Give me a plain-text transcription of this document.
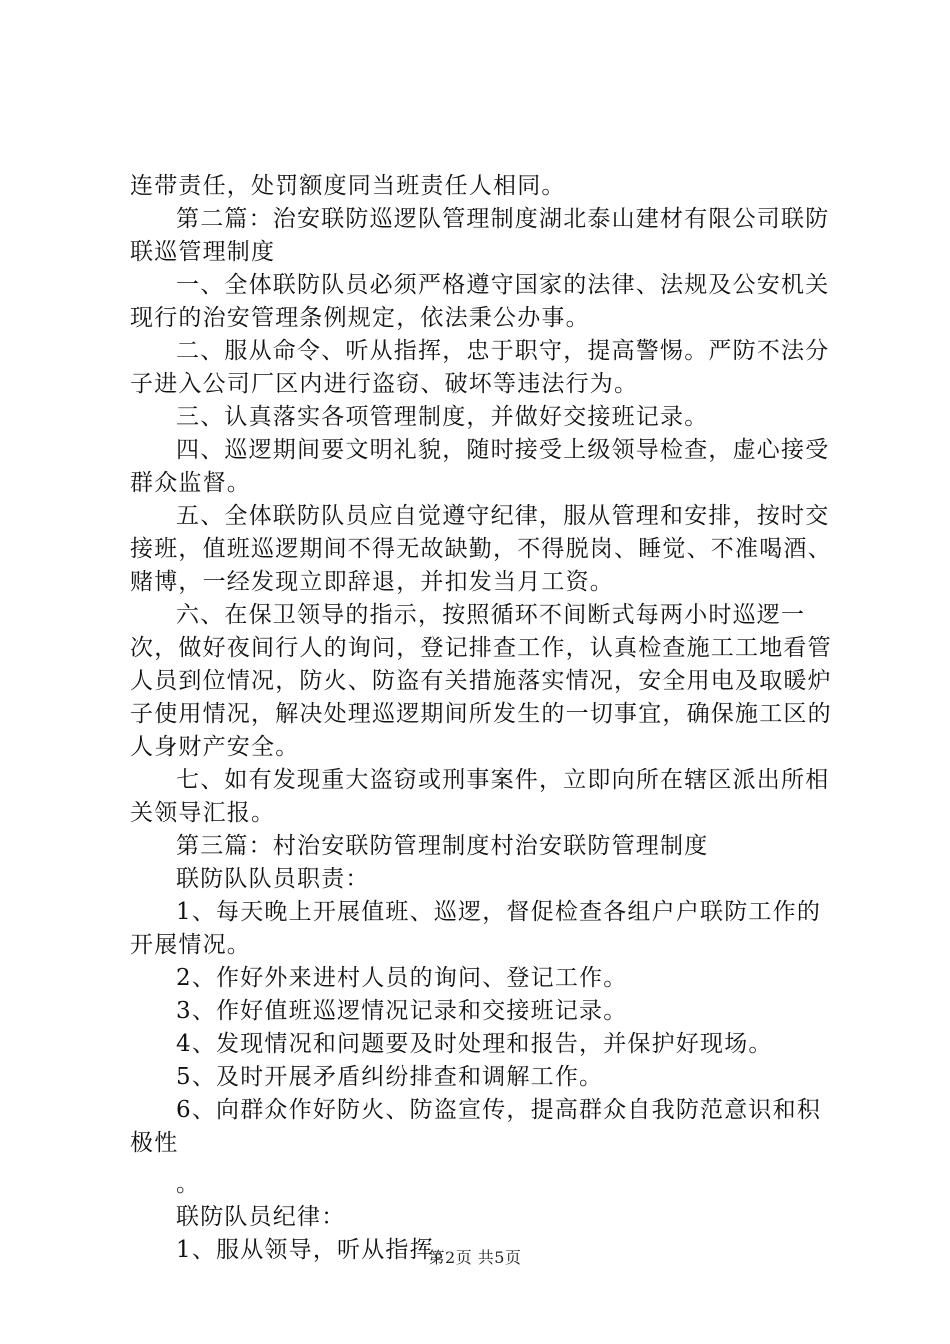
连带责任，处罚额度同当班责任人相同。

第二篇：治安联防巡逻队管理制度湖北泰山建材有限公司联防联巡管理制度

一、全体联防队员必须严格遵守国家的法律、法规及公安机关现行的治安管理条例规定，依法秉公办事。

二、服从命令、听从指挥，忠于职守，提高警惕。严防不法分子进入公司厂区内进行盗窃、破坏等违法行为。

三、认真落实各项管理制度，并做好交接班记录。

四、巡逻期间要文明礼貌，随时接受上级领导检查，虚心接受群众监督。

五、全体联防队员应自觉遵守纪律，服从管理和安排，按时交接班，值班巡逻期间不得无故缺勤，不得脱岗、睡觉、不准喝酒、赌博，一经发现立即辞退，并扣发当月工资。

六、在保卫领导的指示，按照循环不间断式每两小时巡逻一次，做好夜间行人的询问，登记排查工作，认真检查施工工地看管人员到位情况，防火、防盗有关措施落实情况，安全用电及取暖炉子使用情况，解决处理巡逻期间所发生的一切事宜，确保施工区的人身财产安全。

七、如有发现重大盗窃或刑事案件，立即向所在辖区派出所相关领导汇报。

第三篇：村治安联防管理制度村治安联防管理制度

联防队队员职责：

1、每天晚上开展值班、巡逻，督促检查各组户户联防工作的开展情况。

2、作好外来进村人员的询问、登记工作。

3、作好值班巡逻情况记录和交接班记录。

4、发现情况和问题要及时处理和报告，并保护好现场。

5、及时开展矛盾纠纷排查和调解工作。

6、向群众作好防火、防盗宣传，提高群众自我防范意识和积极性

。

联防队员纪律：

1、服从领导，听从指挥。

第2页 共5页
